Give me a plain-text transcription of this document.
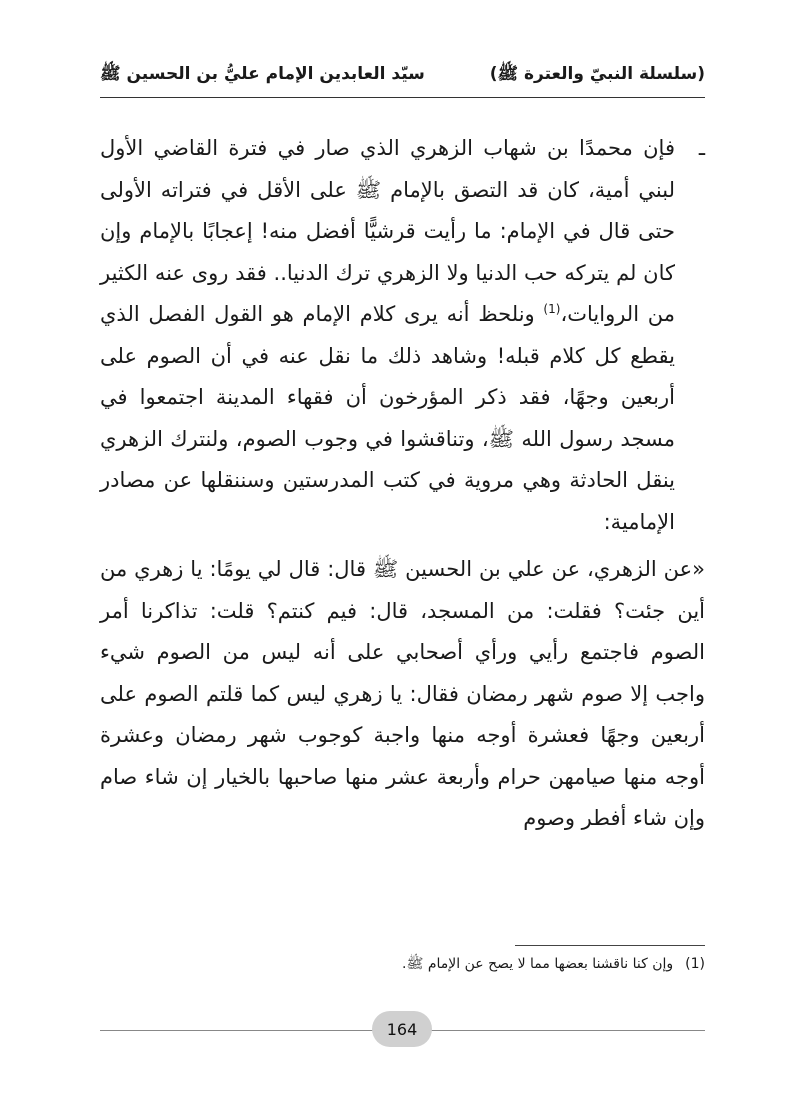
(سلسلة النبيّ والعترة ﷺ)
سيّد العابدين الإمام عليُّ بن الحسين ﷺ

ـ
فإن محمدًا بن شهاب الزهري الذي صار في فترة القاضي الأول لبني أمية، كان قد التصق بالإمام ﷺ على الأقل في فتراته الأولى حتى قال في الإمام: ما رأيت قرشيًّا أفضل منه! إعجابًا بالإمام وإن كان لم يتركه حب الدنيا ولا الزهري ترك الدنيا.. فقد روى عنه الكثير من الروايات،$^{(1)}$ ونلحظ أنه يرى كلام الإمام هو القول الفصل الذي يقطع كل كلام قبله! وشاهد ذلك ما نقل عنه في أن الصوم على أربعين وجهًا، فقد ذكر المؤرخون أن فقهاء المدينة اجتمعوا في مسجد رسول الله ﷺ، وتناقشوا في وجوب الصوم، ولنترك الزهري ينقل الحادثة وهي مروية في كتب المدرستين وسننقلها عن مصادر الإمامية:

«عن الزهري، عن علي بن الحسين ﷺ قال: قال لي يومًا: يا زهري من أين جئت؟ فقلت: من المسجد، قال: فيم كنتم؟ قلت: تذاكرنا أمر الصوم فاجتمع رأيي ورأي أصحابي على أنه ليس من الصوم شيء واجب إلا صوم شهر رمضان فقال: يا زهري ليس كما قلتم الصوم على أربعين وجهًا فعشرة أوجه منها واجبة كوجوب شهر رمضان وعشرة أوجه منها صيامهن حرام وأربعة عشر منها صاحبها بالخيار إن شاء صام وإن شاء أفطر وصوم

(1)وإن كنا ناقشنا بعضها مما لا يصح عن الإمام ﷺ.
164
